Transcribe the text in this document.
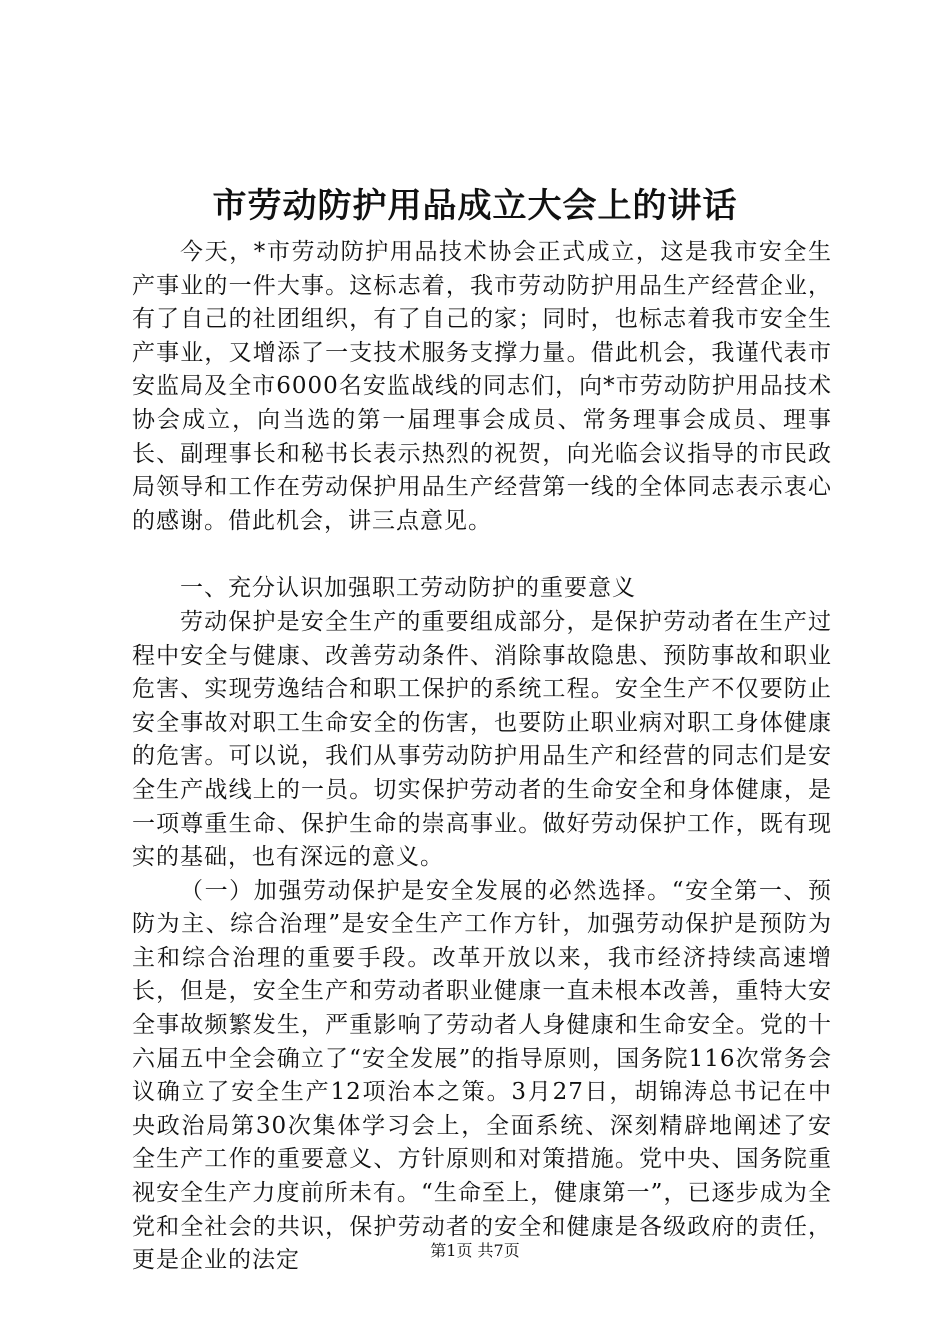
市劳动防护用品成立大会上的讲话

今天，*市劳动防护用品技术协会正式成立，这是我市安全生产事业的一件大事。这标志着，我市劳动防护用品生产经营企业，有了自己的社团组织，有了自己的家；同时，也标志着我市安全生产事业，又增添了一支技术服务支撑力量。借此机会，我谨代表市安监局及全市6000名安监战线的同志们，向*市劳动防护用品技术协会成立，向当选的第一届理事会成员、常务理事会成员、理事长、副理事长和秘书长表示热烈的祝贺，向光临会议指导的市民政局领导和工作在劳动保护用品生产经营第一线的全体同志表示衷心的感谢。借此机会，讲三点意见。

一、充分认识加强职工劳动防护的重要意义

劳动保护是安全生产的重要组成部分，是保护劳动者在生产过程中安全与健康、改善劳动条件、消除事故隐患、预防事故和职业危害、实现劳逸结合和职工保护的系统工程。安全生产不仅要防止安全事故对职工生命安全的伤害，也要防止职业病对职工身体健康的危害。可以说，我们从事劳动防护用品生产和经营的同志们是安全生产战线上的一员。切实保护劳动者的生命安全和身体健康，是一项尊重生命、保护生命的崇高事业。做好劳动保护工作，既有现实的基础，也有深远的意义。

（一）加强劳动保护是安全发展的必然选择。“安全第一、预防为主、综合治理”是安全生产工作方针，加强劳动保护是预防为主和综合治理的重要手段。改革开放以来，我市经济持续高速增长，但是，安全生产和劳动者职业健康一直未根本改善，重特大安全事故频繁发生，严重影响了劳动者人身健康和生命安全。党的十六届五中全会确立了“安全发展”的指导原则，国务院116次常务会议确立了安全生产12项治本之策。3月27日，胡锦涛总书记在中央政治局第30次集体学习会上，全面系统、深刻精辟地阐述了安全生产工作的重要意义、方针原则和对策措施。党中央、国务院重视安全生产力度前所未有。“生命至上，健康第一”，已逐步成为全党和全社会的共识，保护劳动者的安全和健康是各级政府的责任，更是企业的法定	第1页 共7页
